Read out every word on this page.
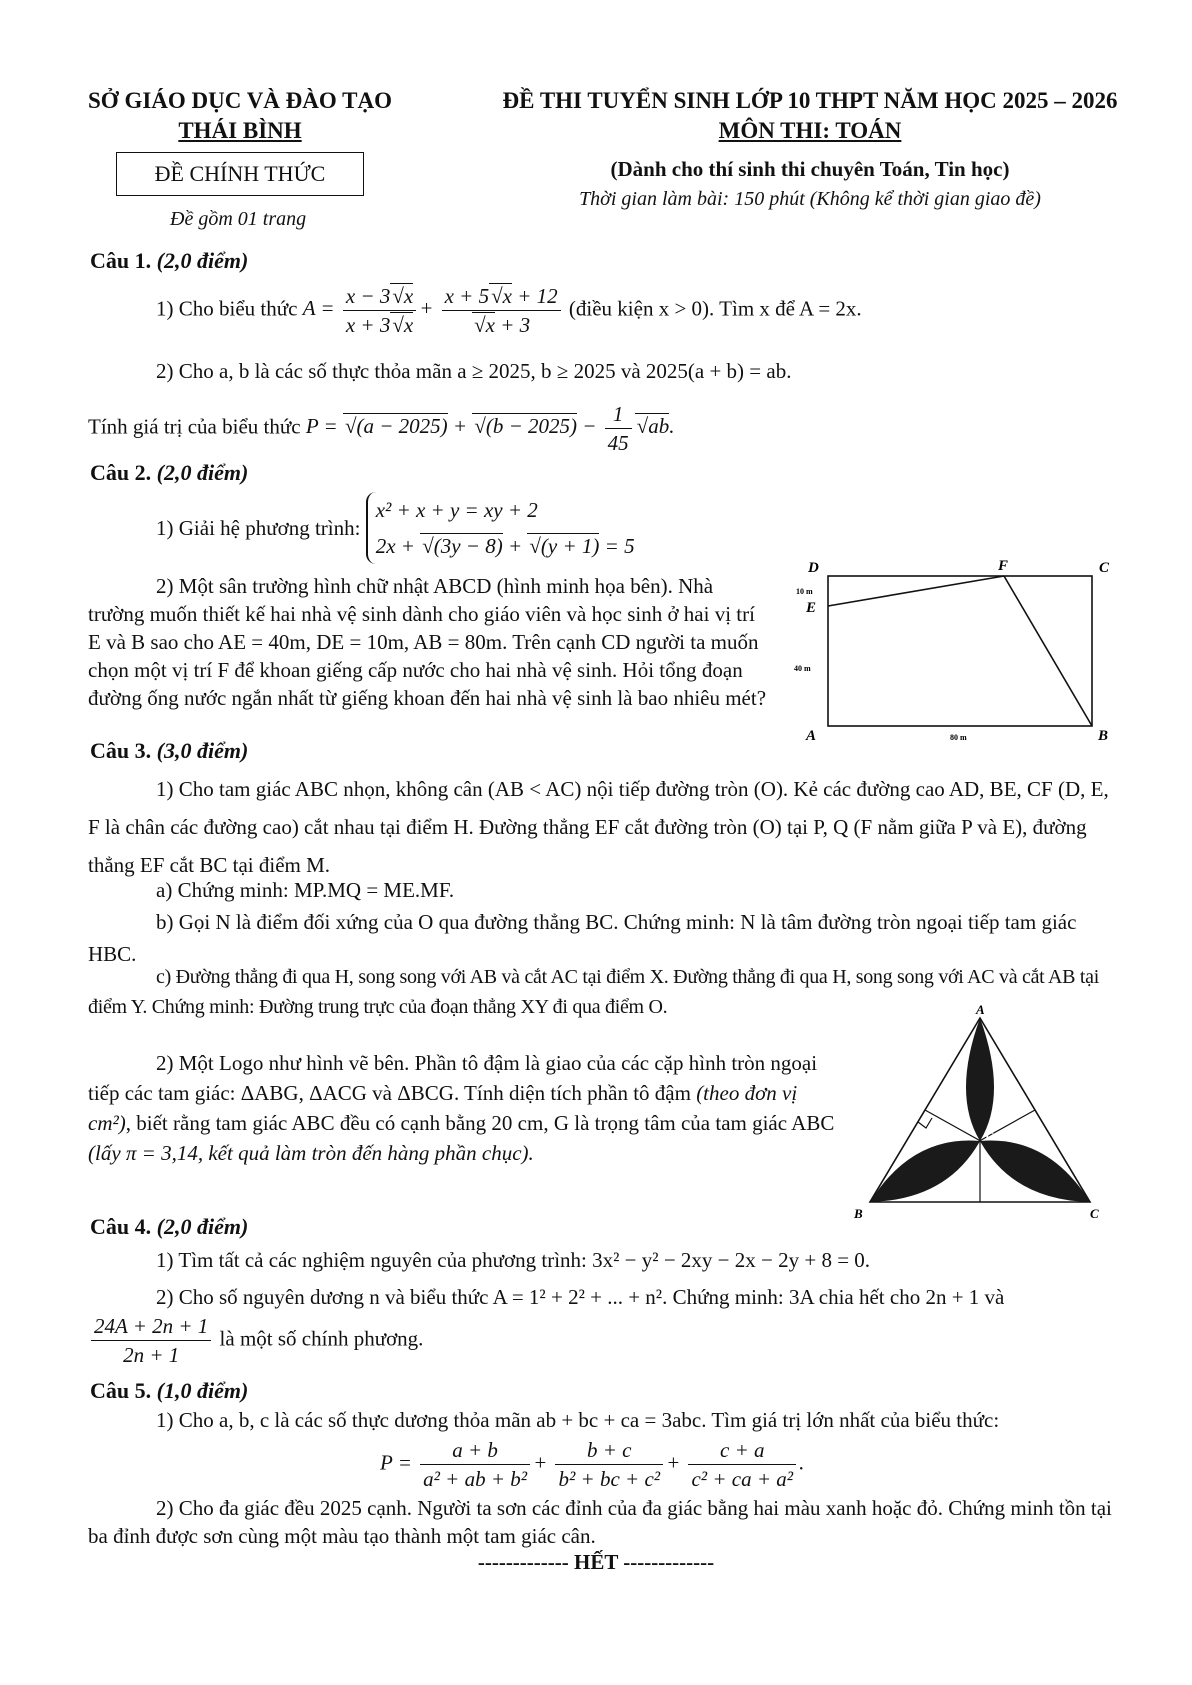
SỞ GIÁO DỤC VÀ ĐÀO TẠO
THÁI BÌNH
ĐỀ CHÍNH THỨC
Đề gồm 01 trang
ĐỀ THI TUYỂN SINH LỚP 10 THPT NĂM HỌC 2025 – 2026
MÔN THI: TOÁN
(Dành cho thí sinh thi chuyên Toán, Tin học)
Thời gian làm bài: 150 phút (Không kể thời gian giao đề)
Câu 1. (2,0 điểm)
1) Cho biểu thức $A = \frac{x - 3√x}{x + 3√x} + \frac{x + 5√x + 12}{√x + 3}$ (điều kiện x > 0). Tìm x để A = 2x.
2) Cho a, b là các số thực thỏa mãn a ≥ 2025, b ≥ 2025 và 2025(a + b) = ab.
Tính giá trị của biểu thức $P = √(a - 2025) + √(b - 2025) - \frac{1}{45} √ab$.
Câu 2. (2,0 điểm)
1) Giải hệ phương trình: x² + x + y = xy + 2
2x + √(3y − 8) + √(y + 1) = 5
2) Một sân trường hình chữ nhật ABCD (hình minh họa bên). Nhà trường muốn thiết kế hai nhà vệ sinh dành cho giáo viên và học sinh ở hai vị trí E và B sao cho AE = 40m, DE = 10m, AB = 80m. Trên cạnh CD người ta muốn chọn một vị trí F để khoan giếng cấp nước cho hai nhà vệ sinh. Hỏi tổng đoạn đường ống nước ngắn nhất từ giếng khoan đến hai nhà vệ sinh là bao nhiêu mét?
D	F	C
E
A	B
10 m
40 m
80 m
Câu 3. (3,0 điểm)
1) Cho tam giác ABC nhọn, không cân (AB < AC) nội tiếp đường tròn (O). Kẻ các đường cao AD, BE, CF (D, E, F là chân các đường cao) cắt nhau tại điểm H. Đường thẳng EF cắt đường tròn (O) tại P, Q (F nằm giữa P và E), đường thẳng EF cắt BC tại điểm M.
a) Chứng minh: MP.MQ = ME.MF.
b) Gọi N là điểm đối xứng của O qua đường thẳng BC. Chứng minh: N là tâm đường tròn ngoại tiếp tam giác HBC.
c) Đường thẳng đi qua H, song song với AB và cắt AC tại điểm X. Đường thẳng đi qua H, song song với AC và cắt AB tại điểm Y. Chứng minh: Đường trung trực của đoạn thẳng XY đi qua điểm O.
2) Một Logo như hình vẽ bên. Phần tô đậm là giao của các cặp hình tròn ngoại tiếp các tam giác: ΔABG, ΔACG và ΔBCG. Tính diện tích phần tô đậm (theo đơn vị cm²), biết rằng tam giác ABC đều có cạnh bằng 20 cm, G là trọng tâm của tam giác ABC (lấy π = 3,14, kết quả làm tròn đến hàng phần chục).
A
B	C
G
Câu 4. (2,0 điểm)
1) Tìm tất cả các nghiệm nguyên của phương trình: 3x² − y² − 2xy − 2x − 2y + 8 = 0.
2) Cho số nguyên dương n và biểu thức A = 1² + 2² + ... + n². Chứng minh: 3A chia hết cho 2n + 1 và
$\frac{24A + 2n + 1}{2n + 1}$ là một số chính phương.
Câu 5. (1,0 điểm)
1) Cho a, b, c là các số thực dương thỏa mãn ab + bc + ca = 3abc. Tìm giá trị lớn nhất của biểu thức:
$P = \frac{a + b}{\text{a² + ab + b²}} + \frac{b + c}{\text{b² + bc + c²}} + \frac{c + a}{\text{c² + ca + a²}}$ .
2) Cho đa giác đều 2025 cạnh. Người ta sơn các đỉnh của đa giác bằng hai màu xanh hoặc đỏ. Chứng minh tồn tại ba đỉnh được sơn cùng một màu tạo thành một tam giác cân.
------------- HẾT -------------
